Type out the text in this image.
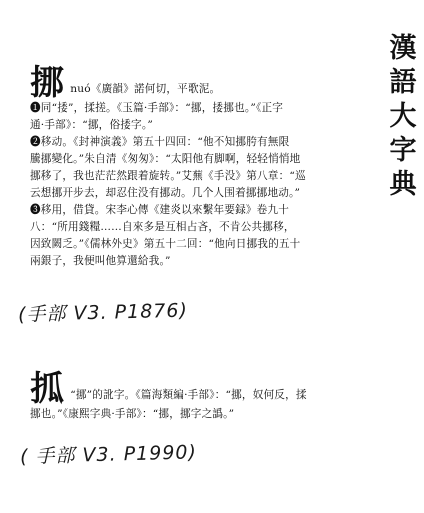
漢
語
大
字
典
挪 nuó《廣韻》諾何切，平歌泥。

❶同“捼”，揉搓。《玉篇·手部》：“挪，捼挪也。”《正字

通·手部》：“挪，俗捼字。”

❷移动。《封神演義》第五十四回：“他不知挪胯有無限

騰挪變化。”朱自清《匆匆》：“太阳他有脚啊，轻轻悄悄地

挪移了，我也茫茫然跟着旋转。”艾蕪《手没》第八章：“巡

云想挪开步去，却忍住没有挪动。几个人围着挪挪地动。”

❸移用，借貸。宋李心傳《建炎以來繫年要録》卷九十

八：“所用錢糧……自來多是互相占吝，不肯公共挪移，

因致闕乏。”《儒林外史》第五十二回：“他向日挪我的五十

兩銀子，我便叫他算還給我。”

(手部 V3. P1876)
㧓 “挪”的訛字。《篇海類編·手部》：“挪，奴何反，揉

挪也。”《康熙字典·手部》：“挪，挪字之譌。”

( 手部 V3. P1990)
